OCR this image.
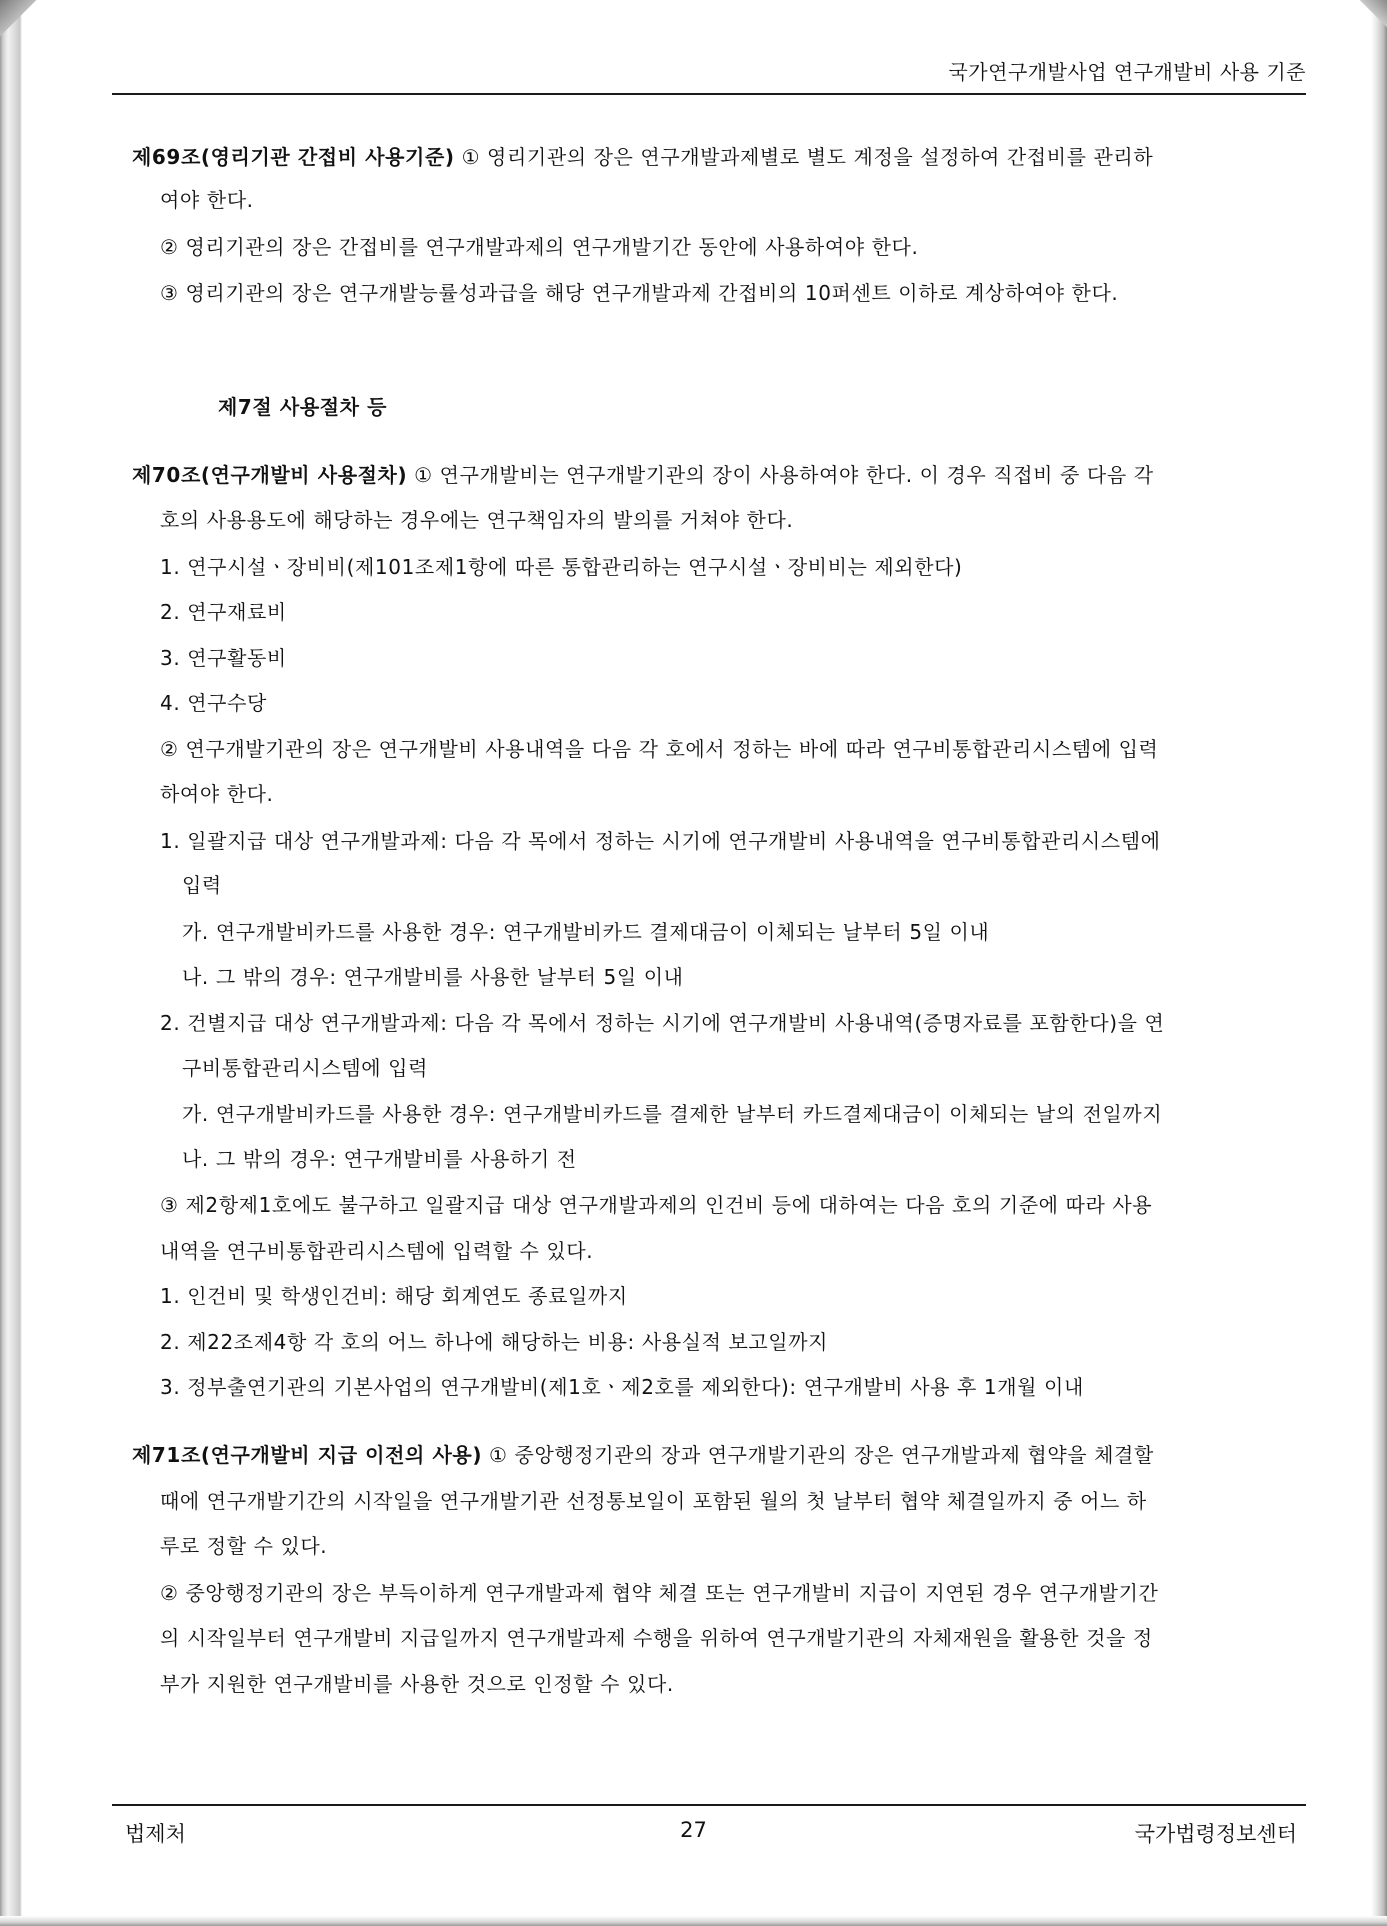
국가연구개발사업 연구개발비 사용 기준
제69조(영리기관 간접비 사용기준) ① 영리기관의 장은 연구개발과제별로 별도 계정을 설정하여 간접비를 관리하
여야 한다.
② 영리기관의 장은 간접비를 연구개발과제의 연구개발기간 동안에 사용하여야 한다.
③ 영리기관의 장은 연구개발능률성과급을 해당 연구개발과제 간접비의 10퍼센트 이하로 계상하여야 한다.
제7절 사용절차 등
제70조(연구개발비 사용절차) ① 연구개발비는 연구개발기관의 장이 사용하여야 한다. 이 경우 직접비 중 다음 각
호의 사용용도에 해당하는 경우에는 연구책임자의 발의를 거쳐야 한다.
1. 연구시설ㆍ장비비(제101조제1항에 따른 통합관리하는 연구시설ㆍ장비비는 제외한다)
2. 연구재료비
3. 연구활동비
4. 연구수당
② 연구개발기관의 장은 연구개발비 사용내역을 다음 각 호에서 정하는 바에 따라 연구비통합관리시스템에 입력
하여야 한다.
1. 일괄지급 대상 연구개발과제: 다음 각 목에서 정하는 시기에 연구개발비 사용내역을 연구비통합관리시스템에
입력
가. 연구개발비카드를 사용한 경우: 연구개발비카드 결제대금이 이체되는 날부터 5일 이내
나. 그 밖의 경우: 연구개발비를 사용한 날부터 5일 이내
2. 건별지급 대상 연구개발과제: 다음 각 목에서 정하는 시기에 연구개발비 사용내역(증명자료를 포함한다)을 연
구비통합관리시스템에 입력
가. 연구개발비카드를 사용한 경우: 연구개발비카드를 결제한 날부터 카드결제대금이 이체되는 날의 전일까지
나. 그 밖의 경우: 연구개발비를 사용하기 전
③ 제2항제1호에도 불구하고 일괄지급 대상 연구개발과제의 인건비 등에 대하여는 다음 호의 기준에 따라 사용
내역을 연구비통합관리시스템에 입력할 수 있다.
1. 인건비 및 학생인건비: 해당 회계연도 종료일까지
2. 제22조제4항 각 호의 어느 하나에 해당하는 비용: 사용실적 보고일까지
3. 정부출연기관의 기본사업의 연구개발비(제1호ㆍ제2호를 제외한다): 연구개발비 사용 후 1개월 이내
제71조(연구개발비 지급 이전의 사용) ① 중앙행정기관의 장과 연구개발기관의 장은 연구개발과제 협약을 체결할
때에 연구개발기간의 시작일을 연구개발기관 선정통보일이 포함된 월의 첫 날부터 협약 체결일까지 중 어느 하
루로 정할 수 있다.
② 중앙행정기관의 장은 부득이하게 연구개발과제 협약 체결 또는 연구개발비 지급이 지연된 경우 연구개발기간
의 시작일부터 연구개발비 지급일까지 연구개발과제 수행을 위하여 연구개발기관의 자체재원을 활용한 것을 정
부가 지원한 연구개발비를 사용한 것으로 인정할 수 있다.
법제처	27	국가법령정보센터
